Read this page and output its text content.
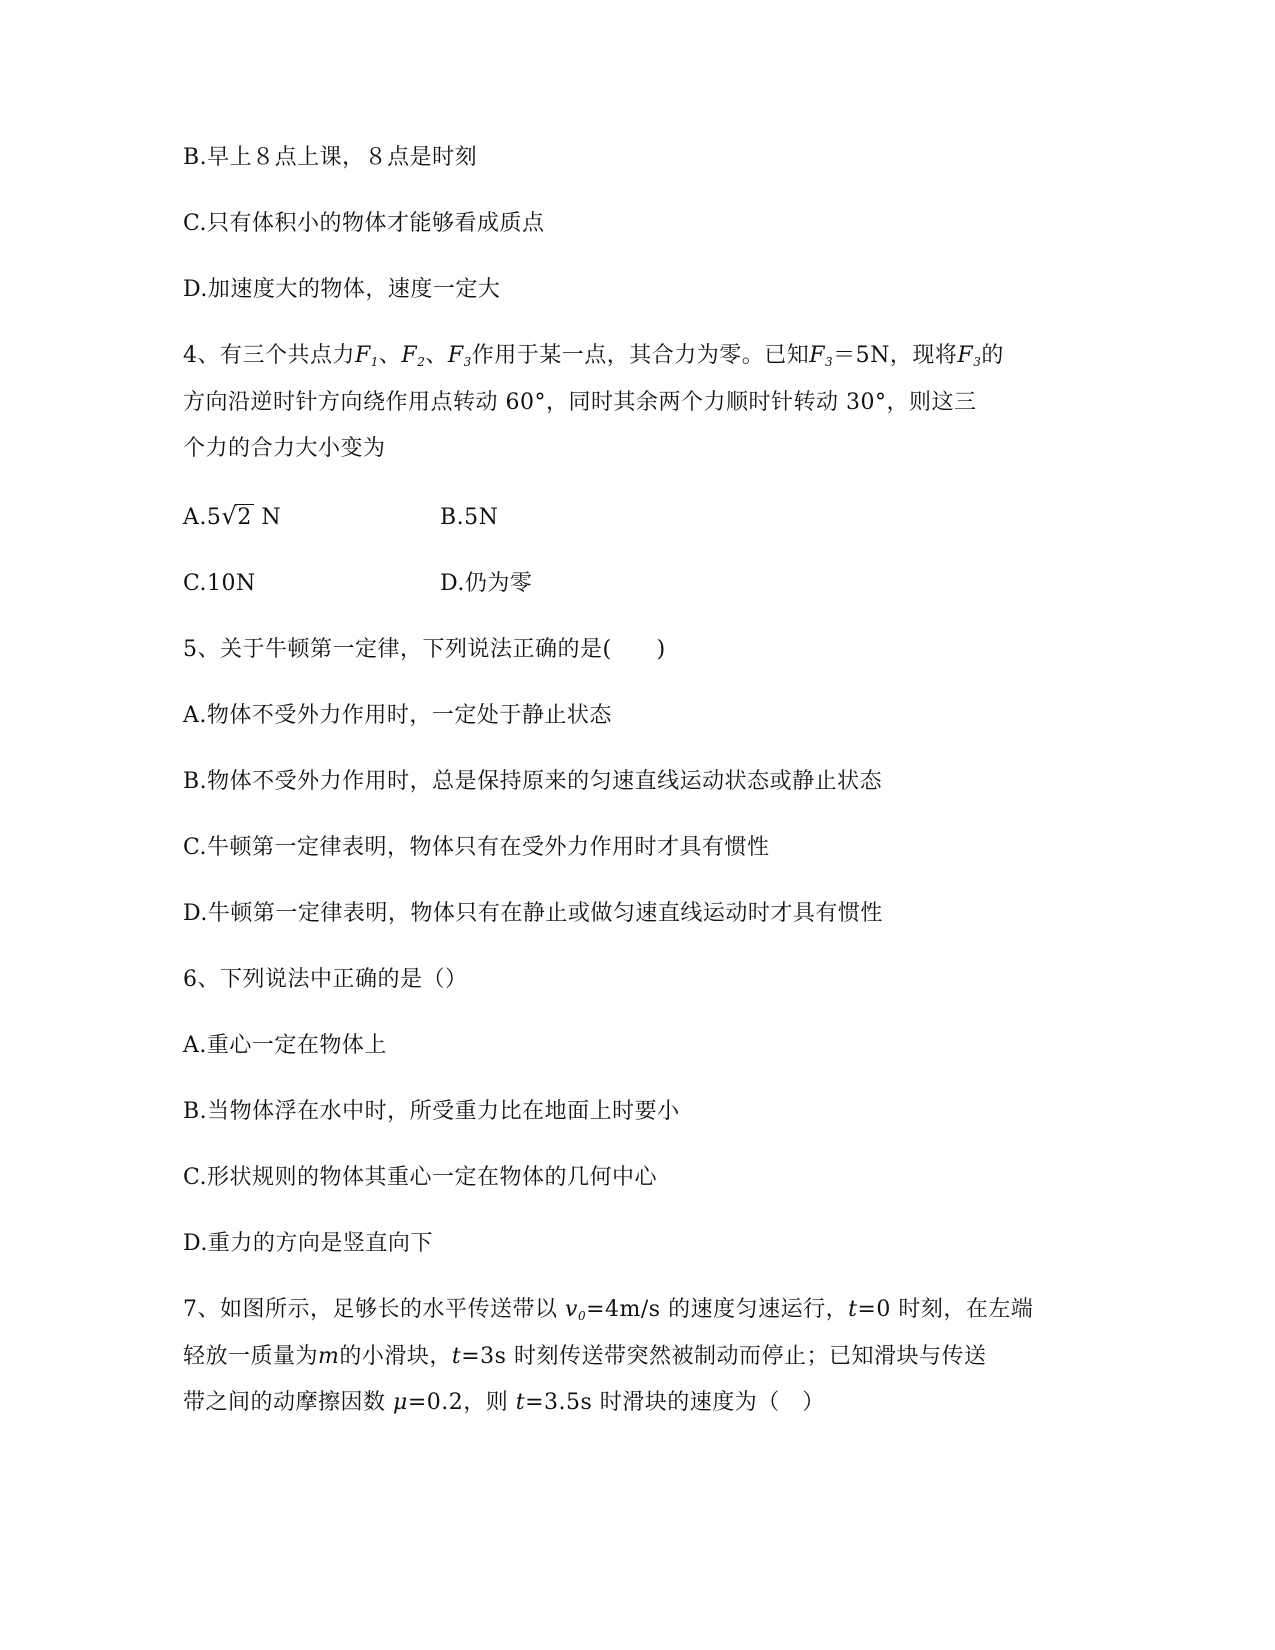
B.早上８点上课，８点是时刻
C.只有体积小的物体才能够看成质点
D.加速度大的物体，速度一定大
4、有三个共点力$F_1$、$F_2$、$F_3$作用于某一点，其合力为零。已知$F_3=5N$，现将$F_3$的
方向沿逆时针方向绕作用点转动 60°，同时其余两个力顺时针转动 30°，则这三
个力的合力大小变为
A.5 √ 2 N	B.5N
C.10N	D.仍为零
5、关于牛顿第一定律，下列说法正确的是(　　)
A.物体不受外力作用时，一定处于静止状态
B.物体不受外力作用时，总是保持原来的匀速直线运动状态或静止状态
C.牛顿第一定律表明，物体只有在受外力作用时才具有惯性
D.牛顿第一定律表明，物体只有在静止或做匀速直线运动时才具有惯性
6、下列说法中正确的是（）
A.重心一定在物体上
B.当物体浮在水中时，所受重力比在地面上时要小
C.形状规则的物体其重心一定在物体的几何中心
D.重力的方向是竖直向下
7、如图所示，足够长的水平传送带以 $v_0=4m/s$ 的速度匀速运行，t=0 时刻，在左端
轻放一质量为m的小滑块，t=3s 时刻传送带突然被制动而停止；已知滑块与传送
带之间的动摩擦因数 μ=0.2，则 t=3.5s 时滑块的速度为（　）
